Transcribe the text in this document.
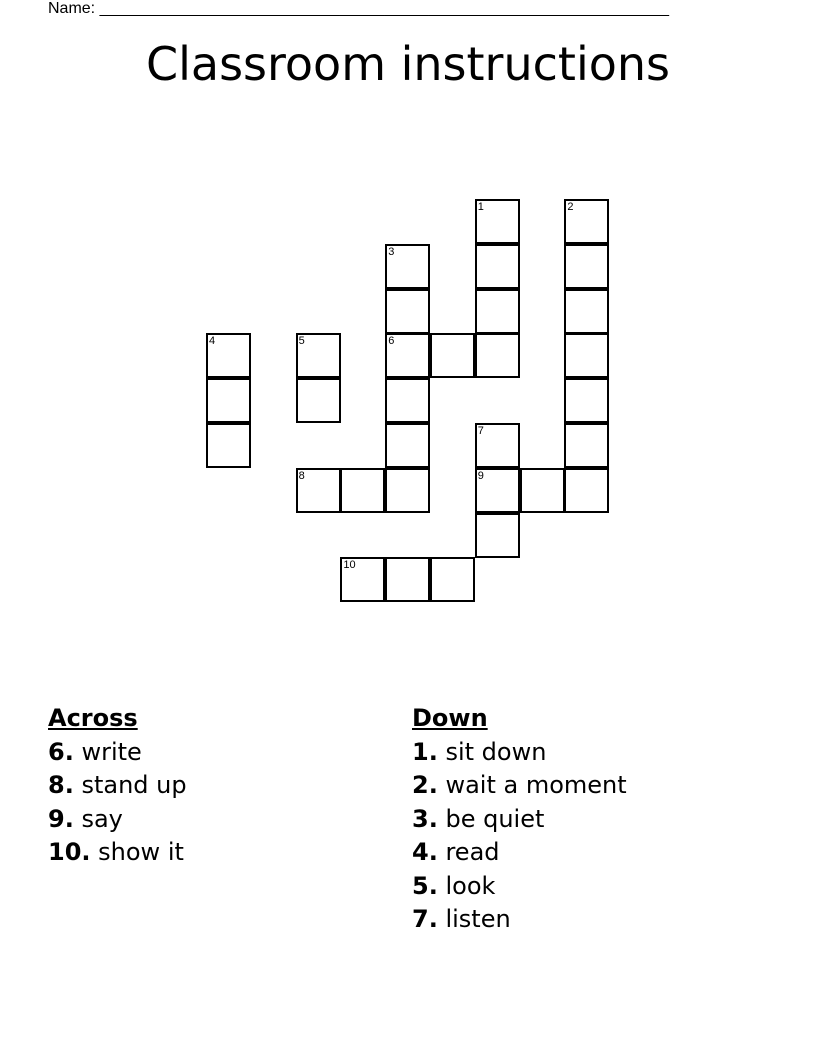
Name: ________________________________________________________________
Classroom instructions
1	2
3
4	5	6
7
8	9
10
Across
6. write
8. stand up
9. say
10. show it
Down
1. sit down
2. wait a moment
3. be quiet
4. read
5. look
7. listen
